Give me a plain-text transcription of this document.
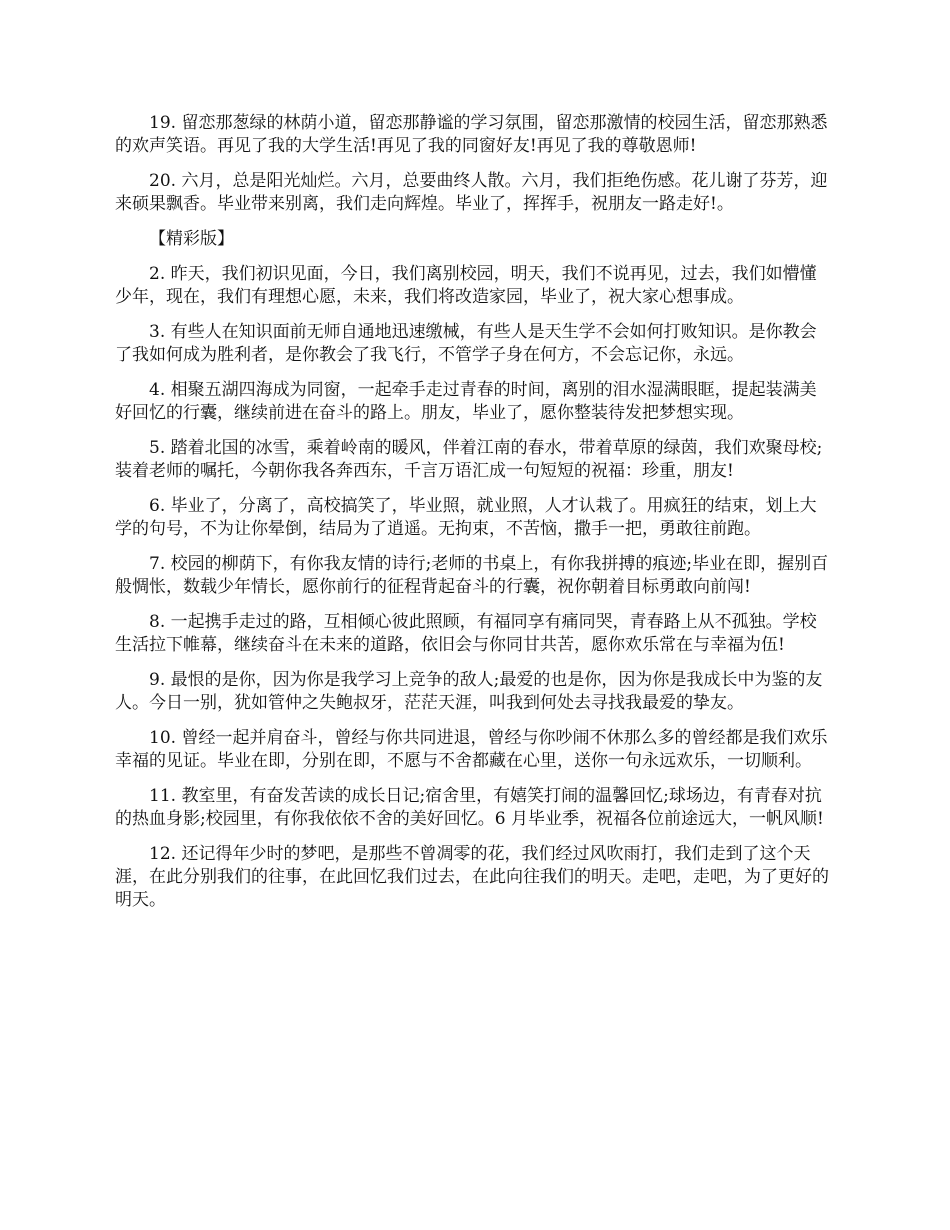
19. 留恋那葱绿的林荫小道，留恋那静谧的学习氛围，留恋那激情的校园生活，留恋那熟悉的欢声笑语。再见了我的大学生活!再见了我的同窗好友!再见了我的尊敬恩师!

20. 六月，总是阳光灿烂。六月，总要曲终人散。六月，我们拒绝伤感。花儿谢了芬芳，迎来硕果飘香。毕业带来别离，我们走向辉煌。毕业了，挥挥手，祝朋友一路走好!。

【精彩版】

2. 昨天，我们初识见面，今日，我们离别校园，明天，我们不说再见，过去，我们如懵懂少年，现在，我们有理想心愿，未来，我们将改造家园，毕业了，祝大家心想事成。

3. 有些人在知识面前无师自通地迅速缴械，有些人是天生学不会如何打败知识。是你教会了我如何成为胜利者，是你教会了我飞行，不管学子身在何方，不会忘记你，永远。

4. 相聚五湖四海成为同窗，一起牵手走过青春的时间，离别的泪水湿满眼眶，提起装满美好回忆的行囊，继续前进在奋斗的路上。朋友，毕业了，愿你整装待发把梦想实现。

5. 踏着北国的冰雪，乘着岭南的暖风，伴着江南的春水，带着草原的绿茵，我们欢聚母校;装着老师的嘱托，今朝你我各奔西东，千言万语汇成一句短短的祝福：珍重，朋友!

6. 毕业了，分离了，高校搞笑了，毕业照，就业照，人才认栽了。用疯狂的结束，划上大学的句号，不为让你晕倒，结局为了逍遥。无拘束，不苦恼，撒手一把，勇敢往前跑。

7. 校园的柳荫下，有你我友情的诗行;老师的书桌上，有你我拼搏的痕迹;毕业在即，握别百般惆怅，数载少年情长，愿你前行的征程背起奋斗的行囊，祝你朝着目标勇敢向前闯!

8. 一起携手走过的路，互相倾心彼此照顾，有福同享有痛同哭，青春路上从不孤独。学校生活拉下帷幕，继续奋斗在未来的道路，依旧会与你同甘共苦，愿你欢乐常在与幸福为伍!

9. 最恨的是你，因为你是我学习上竞争的敌人;最爱的也是你，因为你是我成长中为鉴的友人。今日一别，犹如管仲之失鲍叔牙，茫茫天涯，叫我到何处去寻找我最爱的挚友。

10. 曾经一起并肩奋斗，曾经与你共同进退，曾经与你吵闹不休那么多的曾经都是我们欢乐幸福的见证。毕业在即，分别在即，不愿与不舍都藏在心里，送你一句永远欢乐，一切顺利。

11. 教室里，有奋发苦读的成长日记;宿舍里，有嬉笑打闹的温馨回忆;球场边，有青春对抗的热血身影;校园里，有你我依依不舍的美好回忆。6 月毕业季，祝福各位前途远大，一帆风顺!

12. 还记得年少时的梦吧，是那些不曾凋零的花，我们经过风吹雨打，我们走到了这个天涯，在此分别我们的往事，在此回忆我们过去，在此向往我们的明天。走吧，走吧，为了更好的明天。
